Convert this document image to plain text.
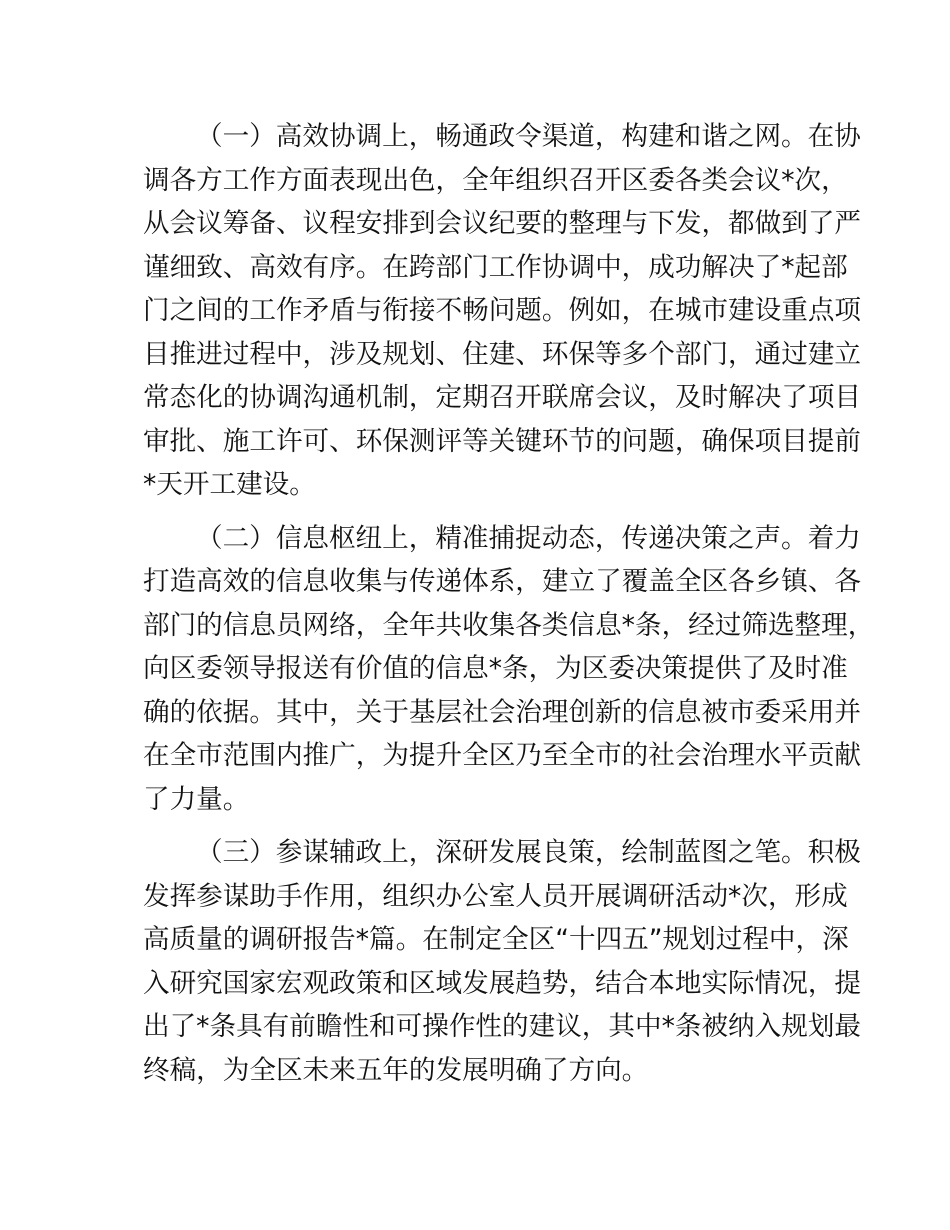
（一）高效协调上，畅通政令渠道，构建和谐之网。在协
调各方工作方面表现出色，全年组织召开区委各类会议*次，
从会议筹备、议程安排到会议纪要的整理与下发，都做到了严
谨细致、高效有序。在跨部门工作协调中，成功解决了*起部
门之间的工作矛盾与衔接不畅问题。例如，在城市建设重点项
目推进过程中，涉及规划、住建、环保等多个部门，通过建立
常态化的协调沟通机制，定期召开联席会议，及时解决了项目
审批、施工许可、环保测评等关键环节的问题，确保项目提前
*天开工建设。
（二）信息枢纽上，精准捕捉动态，传递决策之声。着力
打造高效的信息收集与传递体系，建立了覆盖全区各乡镇、各
部门的信息员网络，全年共收集各类信息*条，经过筛选整理，
向区委领导报送有价值的信息*条，为区委决策提供了及时准
确的依据。其中，关于基层社会治理创新的信息被市委采用并
在全市范围内推广，为提升全区乃至全市的社会治理水平贡献
了力量。
（三）参谋辅政上，深研发展良策，绘制蓝图之笔。积极
发挥参谋助手作用，组织办公室人员开展调研活动*次，形成
高质量的调研报告*篇。在制定全区“十四五”规划过程中，深
入研究国家宏观政策和区域发展趋势，结合本地实际情况，提
出了*条具有前瞻性和可操作性的建议，其中*条被纳入规划最
终稿，为全区未来五年的发展明确了方向。
